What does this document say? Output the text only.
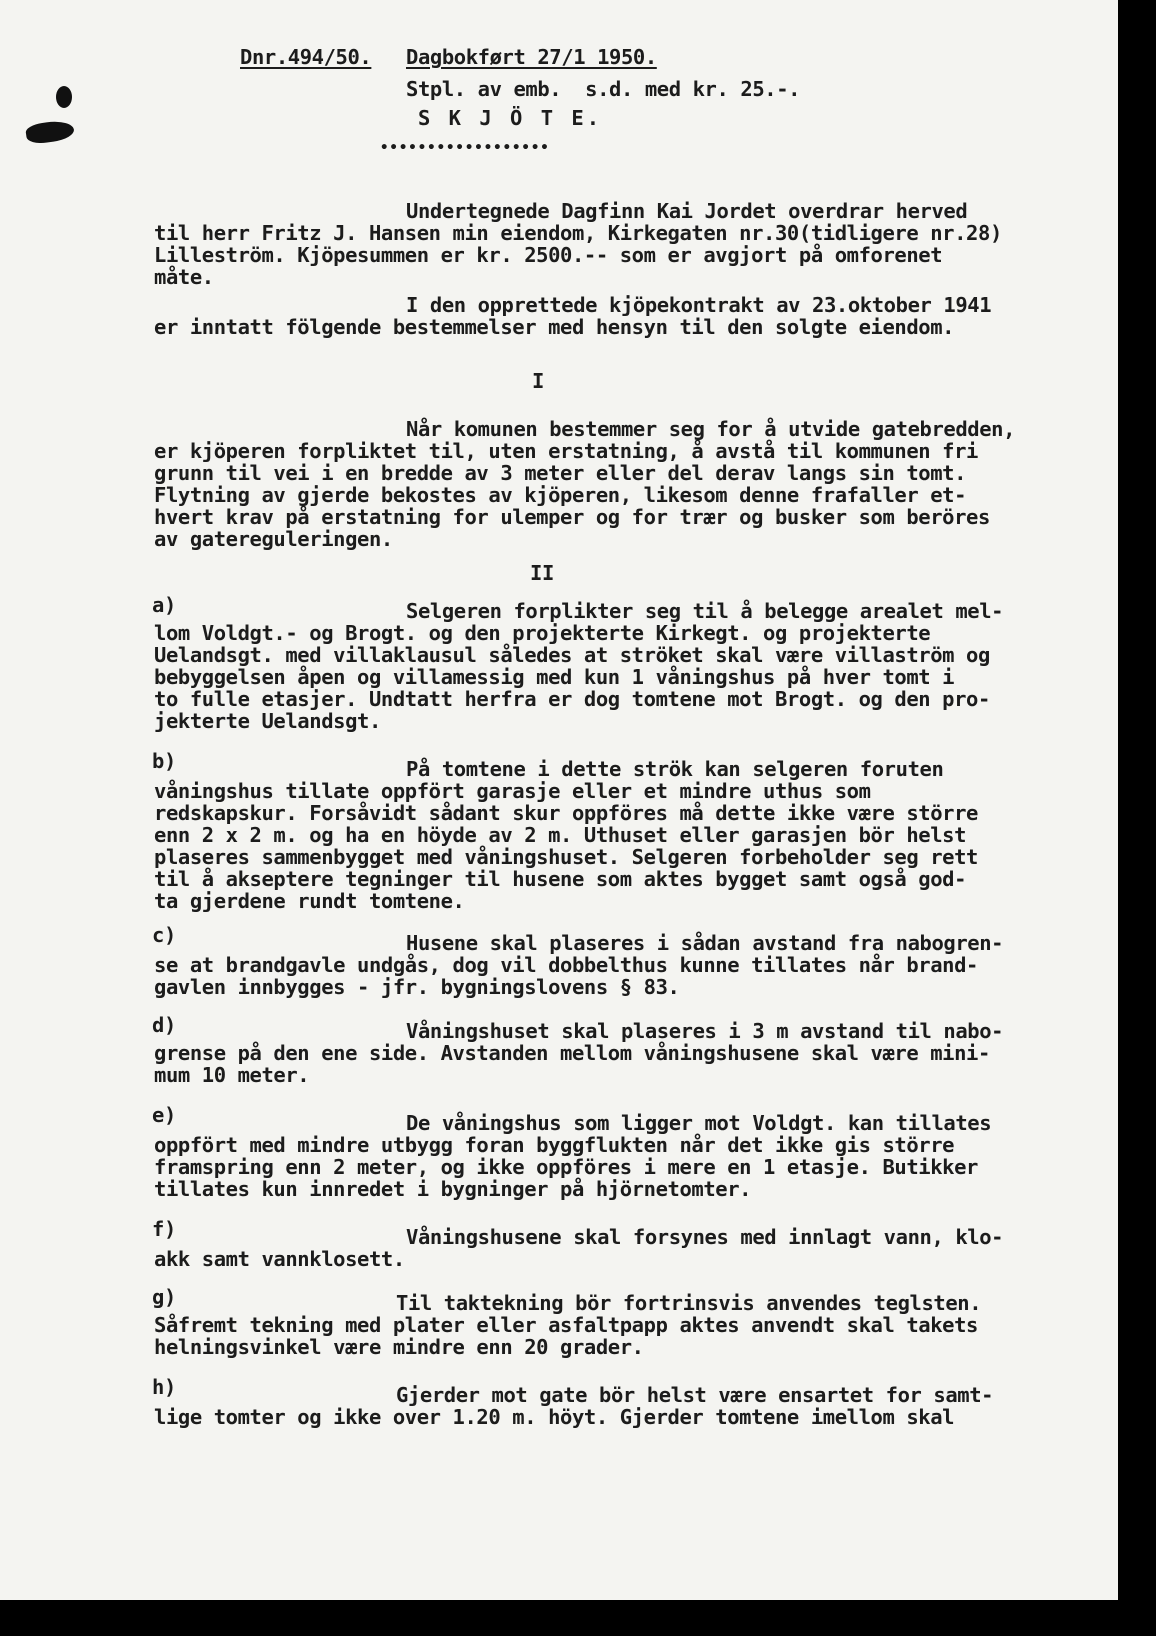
Dnr.494/50. Dagbokført 27/1 1950.
Stpl. av emb.  s.d. med kr. 25.-.
S K J Ö T E.
••••••••••••••••••
Undertegnede Dagfinn Kai Jordet overdrar herved
til herr Fritz J. Hansen min eiendom, Kirkegaten nr.30(tidligere nr.28)
Lilleström. Kjöpesummen er kr. 2500.-- som er avgjort på omforenet
måte.
I den opprettede kjöpekontrakt av 23.oktober 1941
er inntatt fölgende bestemmelser med hensyn til den solgte eiendom.
I
Når komunen bestemmer seg for å utvide gatebredden,
er kjöperen forpliktet til, uten erstatning, å avstå til kommunen fri
grunn til vei i en bredde av 3 meter eller del derav langs sin tomt.
Flytning av gjerde bekostes av kjöperen, likesom denne frafaller et-
hvert krav på erstatning for ulemper og for trær og busker som beröres
av gatereguleringen.
II
a)	Selgeren forplikter seg til å belegge arealet mel-
lom Voldgt.- og Brogt. og den projekterte Kirkegt. og projekterte
Uelandsgt. med villaklausul således at ströket skal være villaström og
bebyggelsen åpen og villamessig med kun 1 våningshus på hver tomt i
to fulle etasjer. Undtatt herfra er dog tomtene mot Brogt. og den pro-
jekterte Uelandsgt.
b)	På tomtene i dette strök kan selgeren foruten
våningshus tillate oppfört garasje eller et mindre uthus som
redskapskur. Forsåvidt sådant skur oppföres må dette ikke være större
enn 2 x 2 m. og ha en höyde av 2 m. Uthuset eller garasjen bör helst
plaseres sammenbygget med våningshuset. Selgeren forbeholder seg rett
til å akseptere tegninger til husene som aktes bygget samt også god-
ta gjerdene rundt tomtene.
c)	Husene skal plaseres i sådan avstand fra nabogren-
se at brandgavle undgås, dog vil dobbelthus kunne tillates når brand-
gavlen innbygges - jfr. bygningslovens § 83.
d)	Våningshuset skal plaseres i 3 m avstand til nabo-
grense på den ene side. Avstanden mellom våningshusene skal være mini-
mum 10 meter.
e)	De våningshus som ligger mot Voldgt. kan tillates
oppfört med mindre utbygg foran byggflukten når det ikke gis större
framspring enn 2 meter, og ikke oppföres i mere en 1 etasje. Butikker
tillates kun innredet i bygninger på hjörnetomter.
f)	Våningshusene skal forsynes med innlagt vann, klo-
akk samt vannklosett.
g)	Til taktekning bör fortrinsvis anvendes teglsten.
Såfremt tekning med plater eller asfaltpapp aktes anvendt skal takets
helningsvinkel være mindre enn 20 grader.
h)	Gjerder mot gate bör helst være ensartet for samt-
lige tomter og ikke over 1.20 m. höyt. Gjerder tomtene imellom skal
